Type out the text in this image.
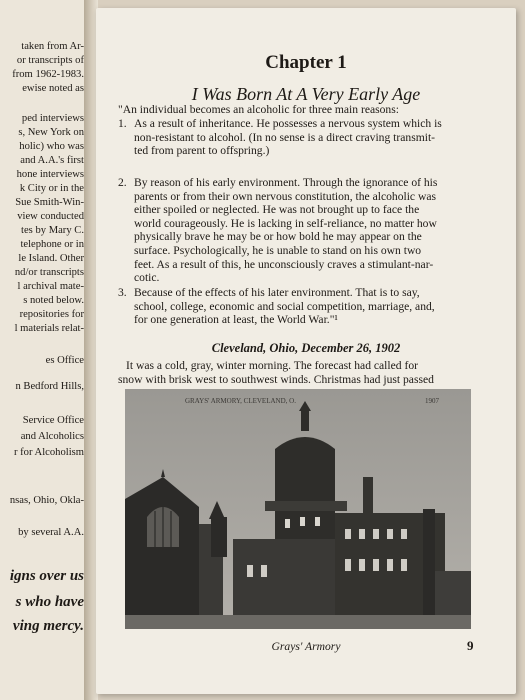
taken from Ar-
or transcripts of
from 1962-1983.
ewise noted as
ped interviews
s, New York on
holic) who was
and A.A.'s first
hone interviews
k City or in the
Sue Smith-Win-
view conducted
tes by Mary C.
telephone or in
le Island. Other
nd/or transcripts
l archival mate-
s noted below.
repositories for
l materials relat-
es Office
n Bedford Hills,
Service Office
and Alcoholics
r for Alcoholism
nsas, Ohio, Okla-
by several A.A.
igns over us
s who have
ving mercy.
Chapter 1
I Was Born At A Very Early Age
"An individual becomes an alcoholic for three main reasons:
1. As a result of inheritance. He possesses a nervous system which is
non-resistant to alcohol. (In no sense is a direct craving transmit-
ted from parent to offspring.)
2. By reason of his early environment. Through the ignorance of his
parents or from their own nervous constitution, the alcoholic was
either spoiled or neglected. He was not brought up to face the
world courageously. He is lacking in self-reliance, no matter how
physically brave he may be or how bold he may appear on the
surface. Psychologically, he is unable to stand on his own two
feet. As a result of this, he unconsciously craves a stimulant-nar-
cotic.
3. Because of the effects of his later environment. That is to say,
school, college, economic and social competition, marriage, and,
for one generation at least, the World War."¹
Cleveland, Ohio, December 26, 1902
It was a cold, gray, winter morning. The forecast had called for
snow with brisk west to southwest winds. Christmas had just passed
GRAYS' ARMORY, CLEVELAND, O.	1907
Grays' Armory	9
